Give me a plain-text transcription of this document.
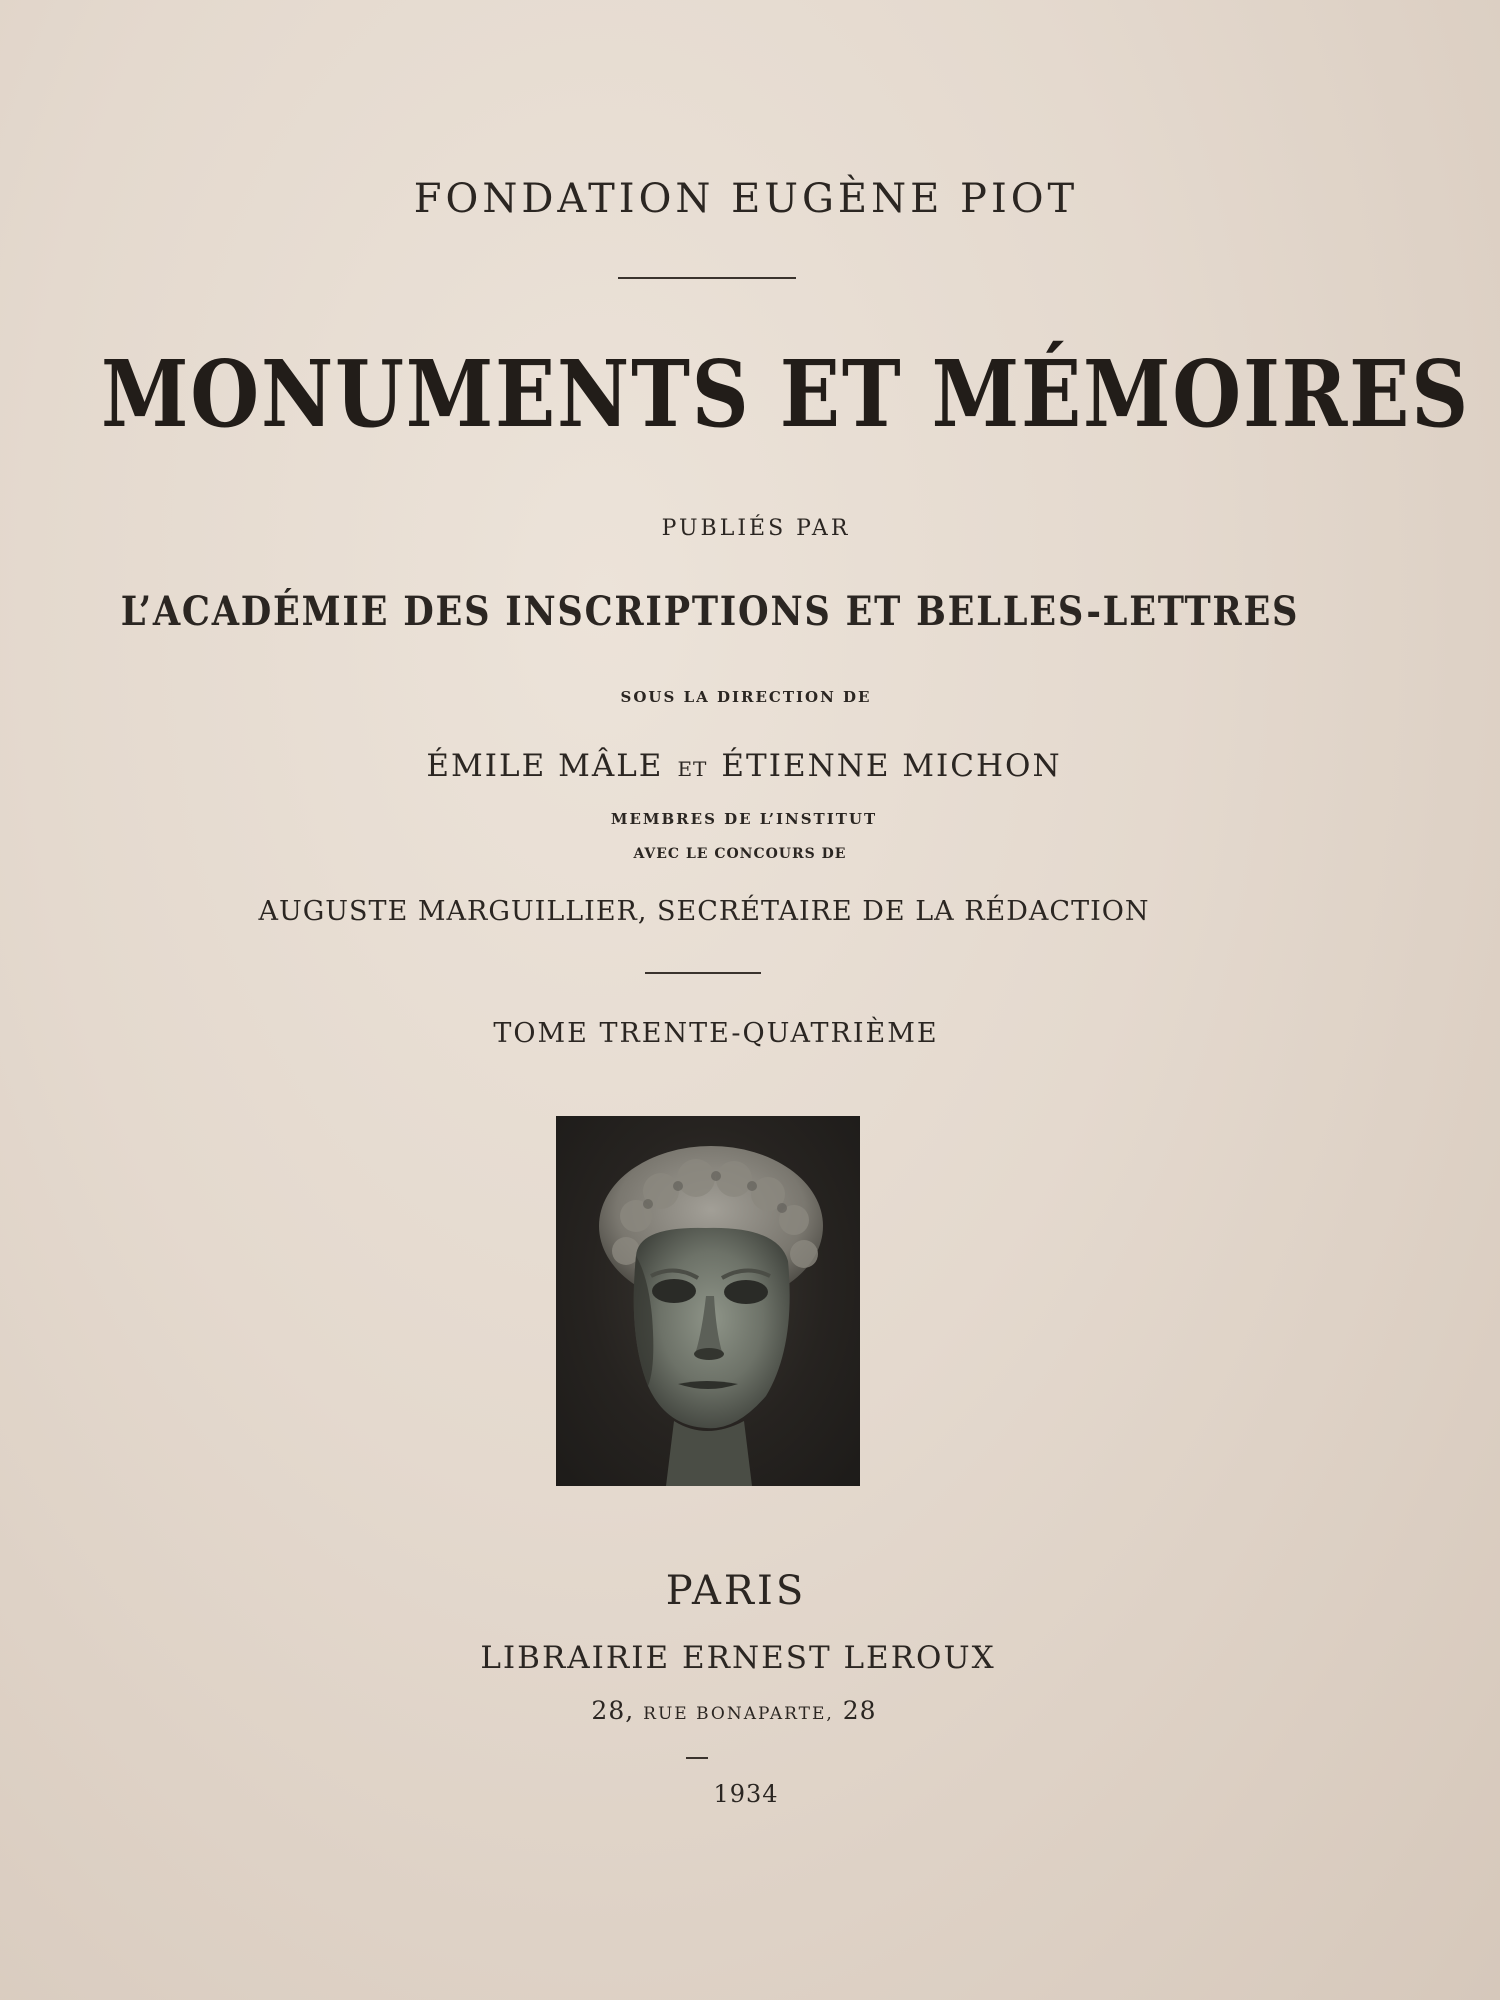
FONDATION EUGÈNE PIOT
MONUMENTS ET MÉMOIRES
PUBLIÉS PAR
L’ACADÉMIE DES INSCRIPTIONS ET BELLES-LETTRES
SOUS LA DIRECTION DE
ÉMILE MÂLE ET ÉTIENNE MICHON
MEMBRES DE L’INSTITUT
AVEC LE CONCOURS DE
AUGUSTE MARGUILLIER, SECRÉTAIRE DE LA RÉDACTION
TOME TRENTE-QUATRIÈME
PARIS
LIBRAIRIE ERNEST LEROUX
28, RUE BONAPARTE, 28
1934
